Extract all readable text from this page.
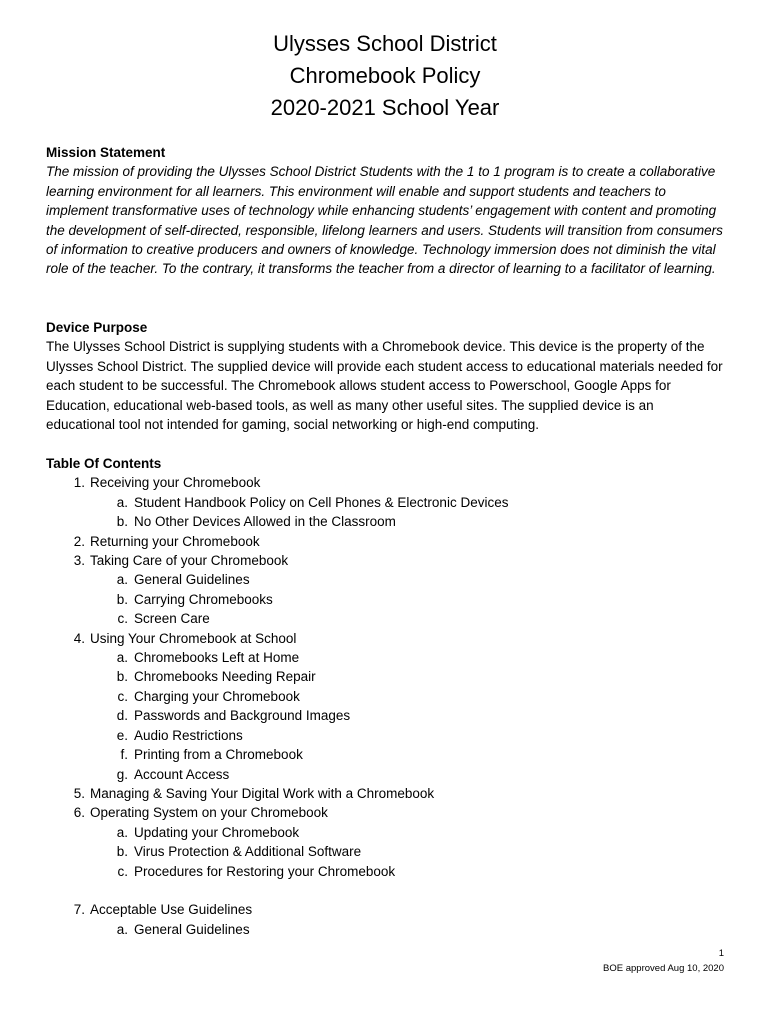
Ulysses School District
Chromebook Policy
2020-2021 School Year
Mission Statement
The mission of providing the Ulysses School District Students with the 1 to 1 program is to create a collaborative learning environment for all learners. This environment will enable and support students and teachers to implement transformative uses of technology while enhancing students’ engagement with content and promoting the development of self-directed, responsible, lifelong learners and users. Students will transition from consumers of information to creative producers and owners of knowledge. Technology immersion does not diminish the vital role of the teacher. To the contrary, it transforms the teacher from a director of learning to a facilitator of learning.
Device Purpose
The Ulysses School District is supplying students with a Chromebook device. This device is the property of the Ulysses School District. The supplied device will provide each student access to educational materials needed for each student to be successful. The Chromebook allows student access to Powerschool, Google Apps for Education, educational web-based tools, as well as many other useful sites. The supplied device is an educational tool not intended for gaming, social networking or high-end computing.
Table Of Contents
1. Receiving your Chromebook
a. Student Handbook Policy on Cell Phones & Electronic Devices
b. No Other Devices Allowed in the Classroom
2. Returning your Chromebook
3. Taking Care of your Chromebook
a. General Guidelines
b. Carrying Chromebooks
c. Screen Care
4. Using Your Chromebook at School
a. Chromebooks Left at Home
b. Chromebooks Needing Repair
c. Charging your Chromebook
d. Passwords and Background Images
e. Audio Restrictions
f. Printing from a Chromebook
g. Account Access
5. Managing & Saving Your Digital Work with a Chromebook
6. Operating System on your Chromebook
a. Updating your Chromebook
b. Virus Protection & Additional Software
c. Procedures for Restoring your Chromebook
7. Acceptable Use Guidelines
a. General Guidelines
1
BOE approved Aug 10, 2020
